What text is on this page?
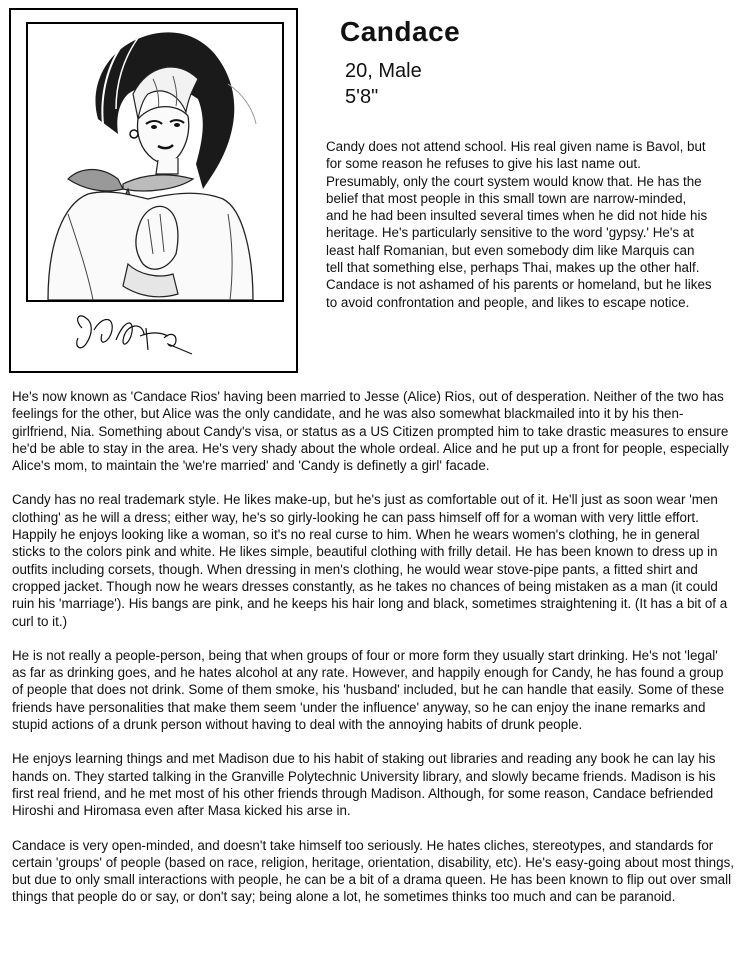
Candace
20, Male
5'8"

Candy does not attend school. His real given name is Bavol, but for some reason he refuses to give his last name out. Presumably, only the court system would know that. He has the belief that most people in this small town are narrow-minded, and he had been insulted several times when he did not hide his heritage. He's particularly sensitive to the word 'gypsy.' He's at least half Romanian, but even somebody dim like Marquis can tell that something else, perhaps Thai, makes up the other half. Candace is not ashamed of his parents or homeland, but he likes to avoid confrontation and people, and likes to escape notice.

He's now known as 'Candace Rios' having been married to Jesse (Alice) Rios, out of desperation. Neither of the two has feelings for the other, but Alice was the only candidate, and he was also somewhat blackmailed into it by his then-girlfriend, Nia. Something about Candy's visa, or status as a US Citizen prompted him to take drastic measures to ensure he'd be able to stay in the area. He's very shady about the whole ordeal. Alice and he put up a front for people, especially Alice's mom, to maintain the 'we're married' and 'Candy is definetly a girl' facade.

Candy has no real trademark style. He likes make-up, but he's just as comfortable out of it. He'll just as soon wear 'men clothing' as he will a dress; either way, he's so girly-looking he can pass himself off for a woman with very little effort. Happily he enjoys looking like a woman, so it's no real curse to him. When he wears women's clothing, he in general sticks to the colors pink and white. He likes simple, beautiful clothing with frilly detail. He has been known to dress up in outfits including corsets, though. When dressing in men's clothing, he would wear stove-pipe pants, a fitted shirt and cropped jacket. Though now he wears dresses constantly, as he takes no chances of being mistaken as a man (it could ruin his 'marriage'). His bangs are pink, and he keeps his hair long and black, sometimes straightening it. (It has a bit of a curl to it.)

He is not really a people-person, being that when groups of four or more form they usually start drinking. He's not 'legal' as far as drinking goes, and he hates alcohol at any rate. However, and happily enough for Candy, he has found a group of people that does not drink. Some of them smoke, his 'husband' included, but he can handle that easily. Some of these friends have personalities that make them seem 'under the influence' anyway, so he can enjoy the inane remarks and stupid actions of a drunk person without having to deal with the annoying habits of drunk people.

He enjoys learning things and met Madison due to his habit of staking out libraries and reading any book he can lay his hands on. They started talking in the Granville Polytechnic University library, and slowly became friends. Madison is his first real friend, and he met most of his other friends through Madison. Although, for some reason, Candace befriended Hiroshi and Hiromasa even after Masa kicked his arse in.

Candace is very open-minded, and doesn't take himself too seriously. He hates cliches, stereotypes, and standards for certain 'groups' of people (based on race, religion, heritage, orientation, disability, etc). He's easy-going about most things, but due to only small interactions with people, he can be a bit of a drama queen. He has been known to flip out over small things that people do or say, or don't say; being alone a lot, he sometimes thinks too much and can be paranoid.
